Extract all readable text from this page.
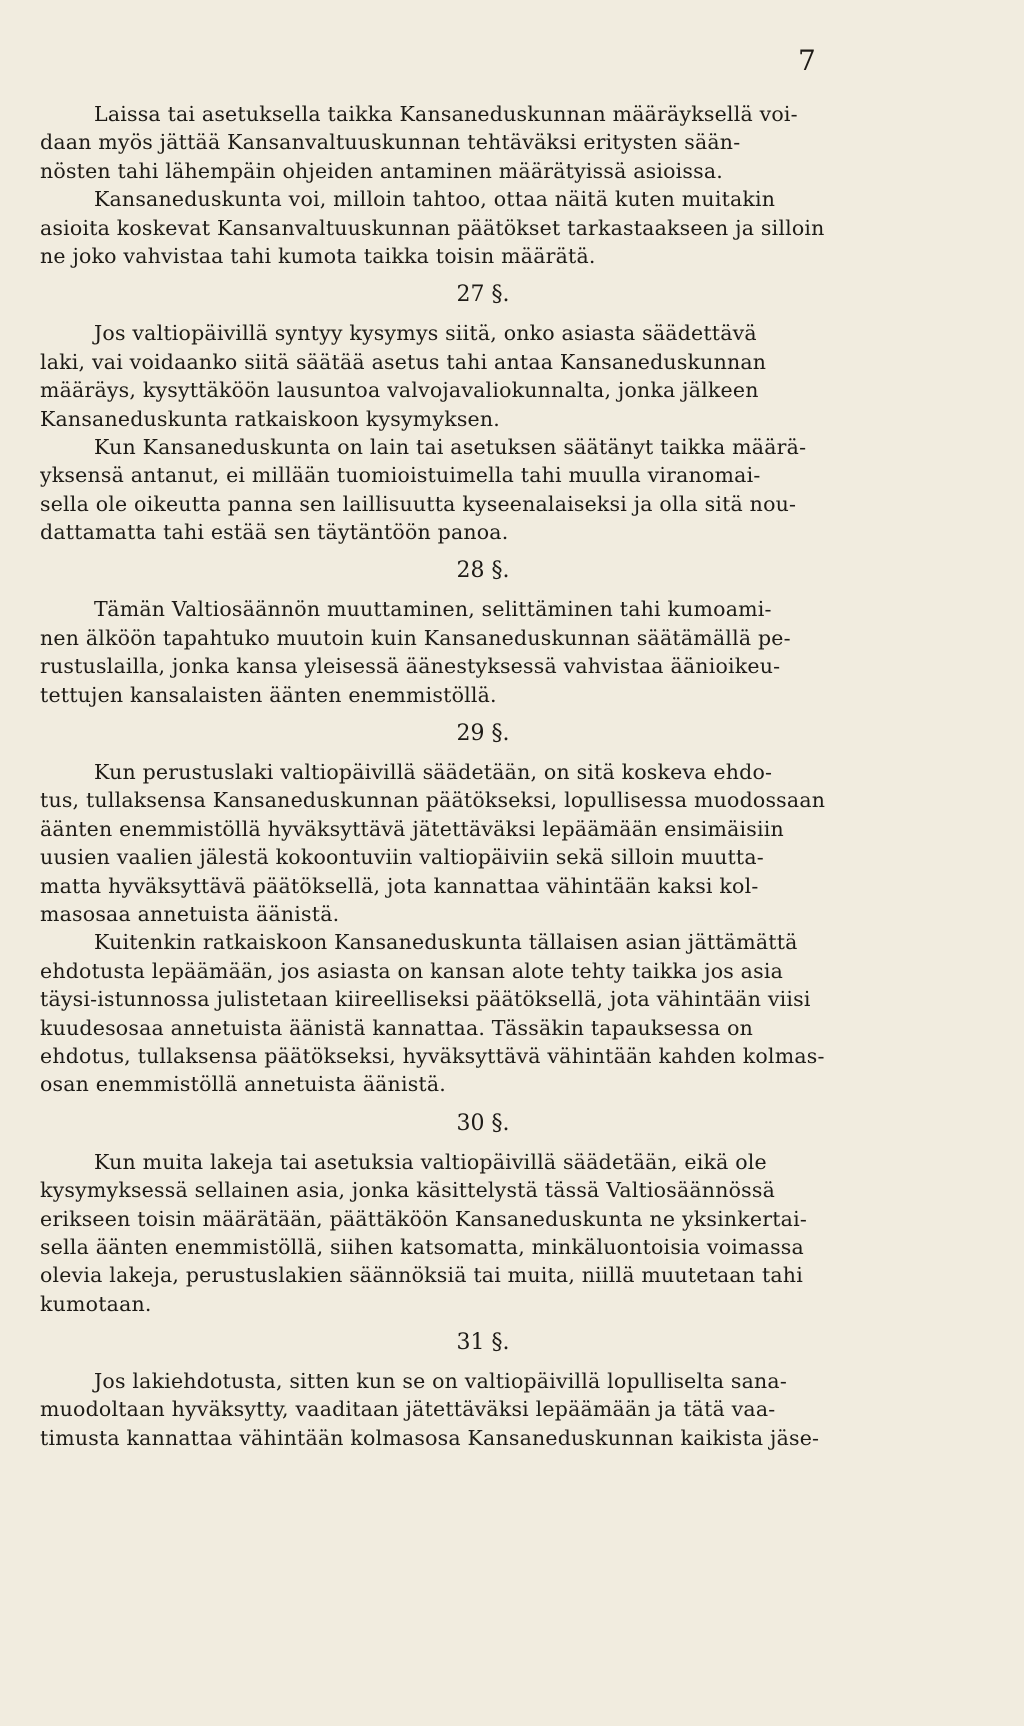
7
Laissa tai asetuksella taikka Kansaneduskunnan määräyksellä voi-
daan myös jättää Kansanvaltuuskunnan tehtäväksi eritysten sään-
nösten tahi lähempäin ohjeiden antaminen määrätyissä asioissa.
Kansaneduskunta voi, milloin tahtoo, ottaa näitä kuten muitakin
asioita koskevat Kansanvaltuuskunnan päätökset tarkastaakseen ja silloin
ne joko vahvistaa tahi kumota taikka toisin määrätä.
27 §.
Jos valtiopäivillä syntyy kysymys siitä, onko asiasta säädettävä
laki, vai voidaanko siitä säätää asetus tahi antaa Kansaneduskunnan
määräys, kysyttäköön lausuntoa valvojavaliokunnalta, jonka jälkeen
Kansaneduskunta ratkaiskoon kysymyksen.
Kun Kansaneduskunta on lain tai asetuksen säätänyt taikka määrä-
yksensä antanut, ei millään tuomioistuimella tahi muulla viranomai-
sella ole oikeutta panna sen laillisuutta kyseenalaiseksi ja olla sitä nou-
dattamatta tahi estää sen täytäntöön panoa.
28 §.
Tämän Valtiosäännön muuttaminen, selittäminen tahi kumoami-
nen älköön tapahtuko muutoin kuin Kansaneduskunnan säätämällä pe-
rustuslailla, jonka kansa yleisessä äänestyksessä vahvistaa äänioikeu-
tettujen kansalaisten äänten enemmistöllä.
29 §.
Kun perustuslaki valtiopäivillä säädetään, on sitä koskeva ehdo-
tus, tullaksensa Kansaneduskunnan päätökseksi, lopullisessa muodossaan
äänten enemmistöllä hyväksyttävä jätettäväksi lepäämään ensimäisiin
uusien vaalien jälestä kokoontuviin valtiopäiviin sekä silloin muutta-
matta hyväksyttävä päätöksellä, jota kannattaa vähintään kaksi kol-
masosaa annetuista äänistä.
Kuitenkin ratkaiskoon Kansaneduskunta tällaisen asian jättämättä
ehdotusta lepäämään, jos asiasta on kansan alote tehty taikka jos asia
täysi-istunnossa julistetaan kiireelliseksi päätöksellä, jota vähintään viisi
kuudesosaa annetuista äänistä kannattaa. Tässäkin tapauksessa on
ehdotus, tullaksensa päätökseksi, hyväksyttävä vähintään kahden kolmas-
osan enemmistöllä annetuista äänistä.
30 §.
Kun muita lakeja tai asetuksia valtiopäivillä säädetään, eikä ole
kysymyksessä sellainen asia, jonka käsittelystä tässä Valtiosäännössä
erikseen toisin määrätään, päättäköön Kansaneduskunta ne yksinkertai-
sella äänten enemmistöllä, siihen katsomatta, minkäluontoisia voimassa
olevia lakeja, perustuslakien säännöksiä tai muita, niillä muutetaan tahi
kumotaan.
31 §.
Jos lakiehdotusta, sitten kun se on valtiopäivillä lopulliselta sana-
muodoltaan hyväksytty, vaaditaan jätettäväksi lepäämään ja tätä vaa-
timusta kannattaa vähintään kolmasosa Kansaneduskunnan kaikista jäse-
